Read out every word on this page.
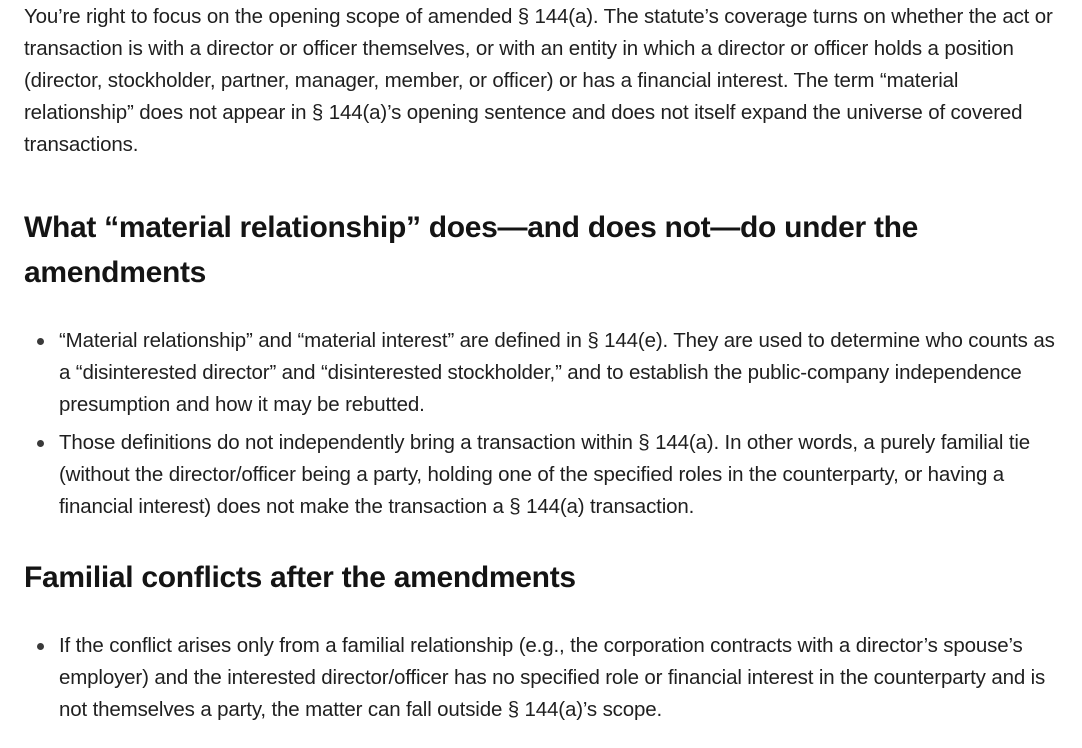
You’re right to focus on the opening scope of amended § 144(a). The statute’s coverage turns on whether the act or transaction is with a director or officer themselves, or with an entity in which a director or officer holds a position (director, stockholder, partner, manager, member, or officer) or has a financial interest. The term “material relationship” does not appear in § 144(a)’s opening sentence and does not itself expand the universe of covered transactions.

What “material relationship” does—and does not—do under the amendments
“Material relationship” and “material interest” are defined in § 144(e). They are used to determine who counts as a “disinterested director” and “disinterested stockholder,” and to establish the public-company independence presumption and how it may be rebutted.
Those definitions do not independently bring a transaction within § 144(a). In other words, a purely familial tie (without the director/officer being a party, holding one of the specified roles in the counterparty, or having a financial interest) does not make the transaction a § 144(a) transaction.
Familial conflicts after the amendments
If the conflict arises only from a familial relationship (e.g., the corporation contracts with a director’s spouse’s employer) and the interested director/officer has no specified role or financial interest in the counterparty and is not themselves a party, the matter can fall outside § 144(a)’s scope.
